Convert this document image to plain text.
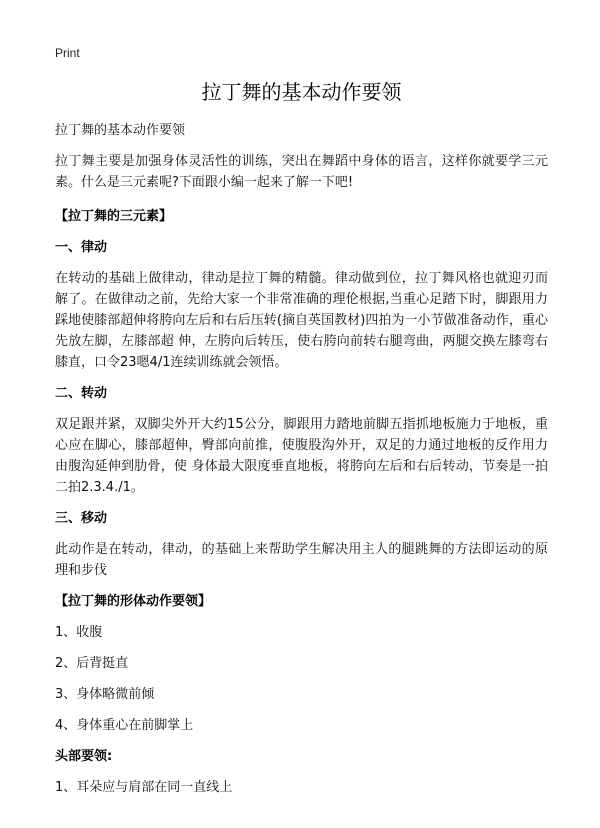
Print
拉丁舞的基本动作要领

拉丁舞的基本动作要领

拉丁舞主要是加强身体灵活性的训练，突出在舞蹈中身体的语言，这样你就要学三元素。什么是三元素呢?下面跟小编一起来了解一下吧!

【拉丁舞的三元素】

一、律动

在转动的基础上做律动，律动是拉丁舞的精髓。律动做到位，拉丁舞风格也就迎刃而解了。在做律动之前，先给大家一个非常准确的理伦根据,当重心足踏下时，脚跟用力踩地使膝部超伸将胯向左后和右后压转(摘自英国教材)四拍为一小节做准备动作，重心先放左脚，左膝部超 伸，左胯向后转压，使右胯向前转右腿弯曲，两腿交换左膝弯右膝直，口令23嗯4/1连续训练就会领悟。

二、转动

双足跟并紧，双脚尖外开大约15公分，脚跟用力踏地前脚五指抓地板施力于地板，重心应在脚心，膝部超伸，臀部向前推，使腹股沟外开，双足的力通过地板的反作用力由腹沟延伸到肋骨，使 身体最大限度垂直地板，将胯向左后和右后转动，节奏是一拍二拍2.3.4./1。

三、移动

此动作是在转动，律动，的基础上来帮助学生解决用主人的腿跳舞的方法即运动的原理和步伐

【拉丁舞的形体动作要领】

1、收腹

2、后背挺直

3、身体略微前倾

4、身体重心在前脚掌上

头部要领:

1、耳朵应与肩部在同一直线上
